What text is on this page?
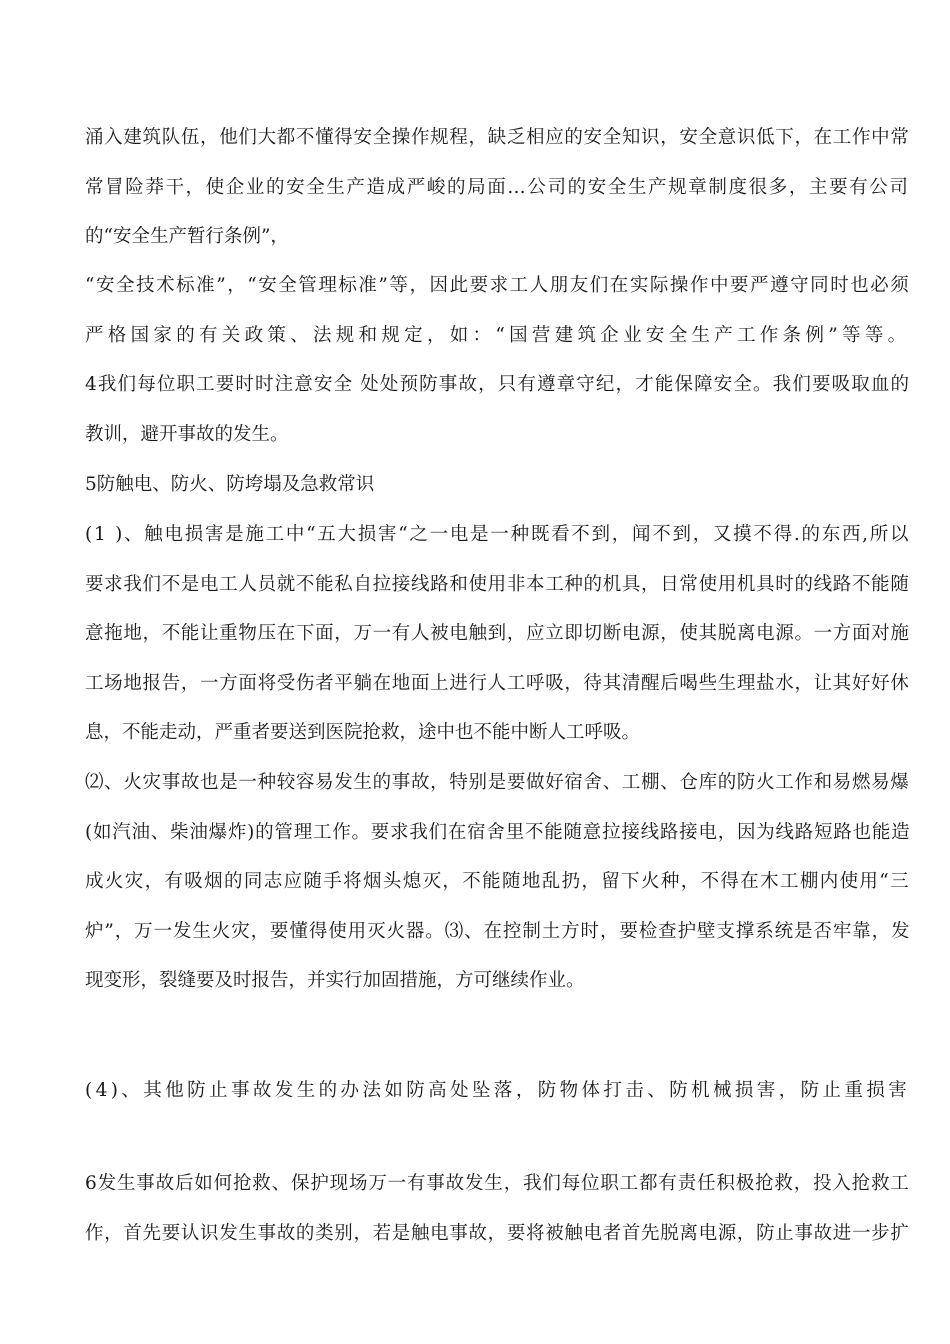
涌入建筑队伍，他们大都不懂得安全操作规程，缺乏相应的安全知识，安全意识低下，在工作中常
常冒险莽干，使企业的安全生产造成严峻的局面…公司的安全生产规章制度很多，主要有公司
的“安全生产暂行条例”，
“安全技术标准”，“安全管理标准”等，因此要求工人朋友们在实际操作中要严遵守同时也必须
严格国家的有关政策、法规和规定，如：“国营建筑企业安全生产工作条例”等等。
4我们每位职工要时时注意安全 处处预防事故，只有遵章守纪，才能保障安全。我们要吸取血的
教训，避开事故的发生。
5防触电、防火、防垮塌及急救常识
(1 )、触电损害是施工中“五大损害“之一电是一种既看不到，闻不到，又摸不得.的东西,所以
要求我们不是电工人员就不能私自拉接线路和使用非本工种的机具，日常使用机具时的线路不能随
意拖地，不能让重物压在下面，万一有人被电触到，应立即切断电源，使其脱离电源。一方面对施
工场地报告，一方面将受伤者平躺在地面上进行人工呼吸，待其清醒后喝些生理盐水，让其好好休
息，不能走动，严重者要送到医院抢救，途中也不能中断人工呼吸。
⑵、火灾事故也是一种较容易发生的事故，特别是要做好宿舍、工棚、仓库的防火工作和易燃易爆
(如汽油、柴油爆炸)的管理工作。要求我们在宿舍里不能随意拉接线路接电，因为线路短路也能造
成火灾，有吸烟的同志应随手将烟头熄灭，不能随地乱扔，留下火种，不得在木工棚内使用“三
炉”，万一发生火灾，要懂得使用灭火器。⑶、在控制土方时，要检查护壁支撑系统是否牢靠，发
现变形，裂缝要及时报告，并实行加固措施，方可继续作业。
(4)、其他防止事故发生的办法如防高处坠落，防物体打击、防机械损害，防止重损害
6发生事故后如何抢救、保护现场万一有事故发生，我们每位职工都有责任积极抢救，投入抢救工
作，首先要认识发生事故的类别，若是触电事故，要将被触电者首先脱离电源，防止事故进一步扩
